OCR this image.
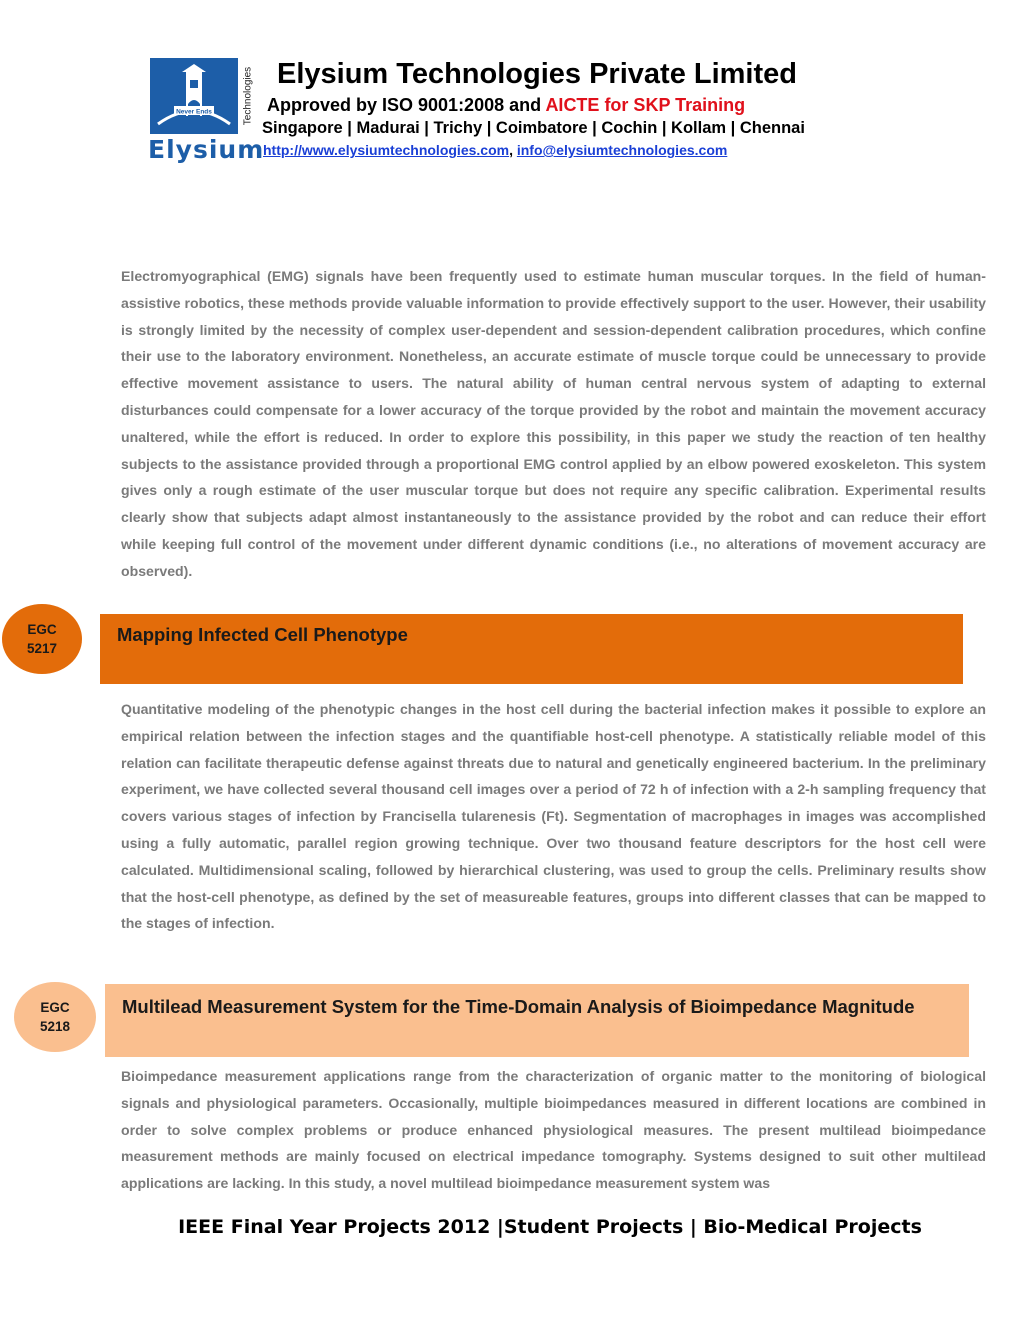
Never Ends	Technologies
Elysium
Elysium Technologies Private Limited
Approved by ISO 9001:2008 and AICTE for SKP Training
Singapore | Madurai | Trichy | Coimbatore | Cochin | Kollam | Chennai
http://www.elysiumtechnologies.com, info@elysiumtechnologies.com

Electromyographical (EMG) signals have been frequently used to estimate human muscular torques. In the field of human-assistive robotics, these methods provide valuable information to provide effectively support to the user. However, their usability is strongly limited by the necessity of complex user-dependent and session-dependent calibration procedures, which confine their use to the laboratory environment. Nonetheless, an accurate estimate of muscle torque could be unnecessary to provide effective movement assistance to users. The natural ability of human central nervous system of adapting to external disturbances could compensate for a lower accuracy of the torque provided by the robot and maintain the movement accuracy unaltered, while the effort is reduced. In order to explore this possibility, in this paper we study the reaction of ten healthy subjects to the assistance provided through a proportional EMG control applied by an elbow powered exoskeleton. This system gives only a rough estimate of the user muscular torque but does not require any specific calibration. Experimental results clearly show that subjects adapt almost instantaneously to the assistance provided by the robot and can reduce their effort while keeping full control of the movement under different dynamic conditions (i.e., no alterations of movement accuracy are observed).

EGC
5217
Mapping Infected Cell Phenotype

Quantitative modeling of the phenotypic changes in the host cell during the bacterial infection makes it possible to explore an empirical relation between the infection stages and the quantifiable host-cell phenotype. A statistically reliable model of this relation can facilitate therapeutic defense against threats due to natural and genetically engineered bacterium. In the preliminary experiment, we have collected several thousand cell images over a period of 72 h of infection with a 2-h sampling frequency that covers various stages of infection by Francisella tularenesis (Ft). Segmentation of macrophages in images was accomplished using a fully automatic, parallel region growing technique. Over two thousand feature descriptors for the host cell were calculated. Multidimensional scaling, followed by hierarchical clustering, was used to group the cells. Preliminary results show that the host-cell phenotype, as defined by the set of measureable features, groups into different classes that can be mapped to the stages of infection.

EGC
5218
Multilead Measurement System for the Time-Domain Analysis of Bioimpedance Magnitude

Bioimpedance measurement applications range from the characterization of organic matter to the monitoring of biological signals and physiological parameters. Occasionally, multiple bioimpedances measured in different locations are combined in order to solve complex problems or produce enhanced physiological measures. The present multilead bioimpedance measurement methods are mainly focused on electrical impedance tomography. Systems designed to suit other multilead applications are lacking. In this study, a novel multilead bioimpedance measurement system was

IEEE Final Year Projects 2012 |Student Projects | Bio-Medical Projects
